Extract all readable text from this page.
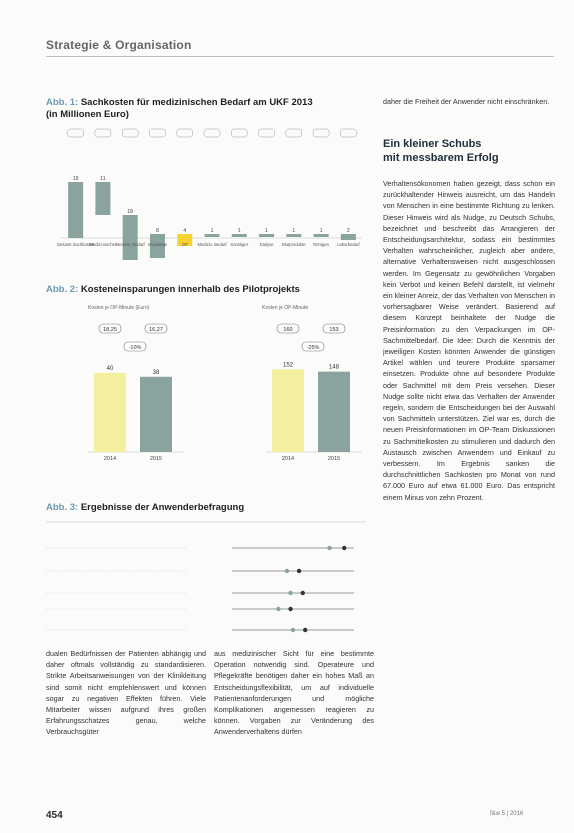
Strategie & Organisation
Abb. 1: Sachkosten für medizinischen Bedarf am UKF 2013
(in Millionen Euro)
19
Gesamt Sachkosten
11
Medizi-nischer
18
Medizin. Bedarf
8
Implantate
4
OP
1
Medizin. Bedarf
1
Sonstiger
1
Dialyse
1
Blutprodukte
1
Röntgen
2
Laborbedarf
Abb. 2: Kosteneinsparungen innerhalb des Pilotprojekts
Kosten je OP-Minute (Euro)	Kosten je OP-Minute
40
18,25
2014
38
16,27
2015
-10%
152
160
2014
148
153
2015
-25%
Abb. 3: Ergebnisse der Anwenderbefragung
daher die Freiheit der Anwender nicht einschränken.
Ein kleiner Schubs
mit messbarem Erfolg
Verhaltensökonomen haben gezeigt, dass schon ein zurückhaltender Hinweis ausreicht, um das Handeln von Menschen in eine bestimmte Richtung zu lenken. Dieser Hinweis wird als Nudge, zu Deutsch Schubs, bezeichnet und beschreibt das Arrangieren der Entscheidungsarchitektur, sodass ein bestimmtes Verhalten wahrscheinlicher, zugleich aber andere, alternative Verhaltensweisen nicht ausgeschlossen werden. Im Gegensatz zu gewöhnlichen Vorgaben kein Verbot und keinen Befehl darstellt, ist vielmehr ein kleiner Anreiz, der das Verhalten von Menschen in vorhersagbarer Weise verändert. Basierend auf diesem Konzept beinhaltete der Nudge die Preisinformation zu den Verpackungen im OP-Sachmittelbedarf. Die Idee: Durch die Kenntnis der jeweiligen Kosten könnten Anwender die günstigen Artikel wählen und teurere Produkte sparsamer einsetzen. Produkte ohne auf besondere Produkte oder Sachmittel mit dem Preis versehen. Dieser Nudge sollte nicht etwa das Verhalten der Anwender regeln, sondern die Entscheidungen bei der Auswahl von Sachmitteln unterstützen. Ziel war es, durch die neuen Preisinformationen im OP-Team Diskussionen zu Sachmittelkosten zu stimulieren und dadurch den Austausch zwischen Anwendern und Einkauf zu verbessern. Im Ergebnis sanken die durchschnittlichen Sachkosten pro Monat von rund 67.000 Euro auf etwa 61.000 Euro. Das entspricht einem Minus von zehn Prozent.
dualen Bedürfnissen der Patienten abhängig und daher oftmals vollständig zu standardisieren. Strikte Arbeitsanweisungen von der Klinikleitung sind somit nicht empfehlenswert und können sogar zu negativen Effekten führen. Viele Mitarbeiter wissen aufgrund ihres großen Erfahrungsschatzes genau, welche Verbrauchsgüter
aus medizinischer Sicht für eine bestimmte Operation notwendig sind. Operateure und Pflegekräfte benötigen daher ein hohes Maß an Entscheidungsflexibilität, um auf individuelle Patientenanforderungen und mögliche Komplikationen angemessen reagieren zu können. Vorgaben zur Veränderung des Anwenderverhaltens dürfen
454	f&w 5 | 2016
